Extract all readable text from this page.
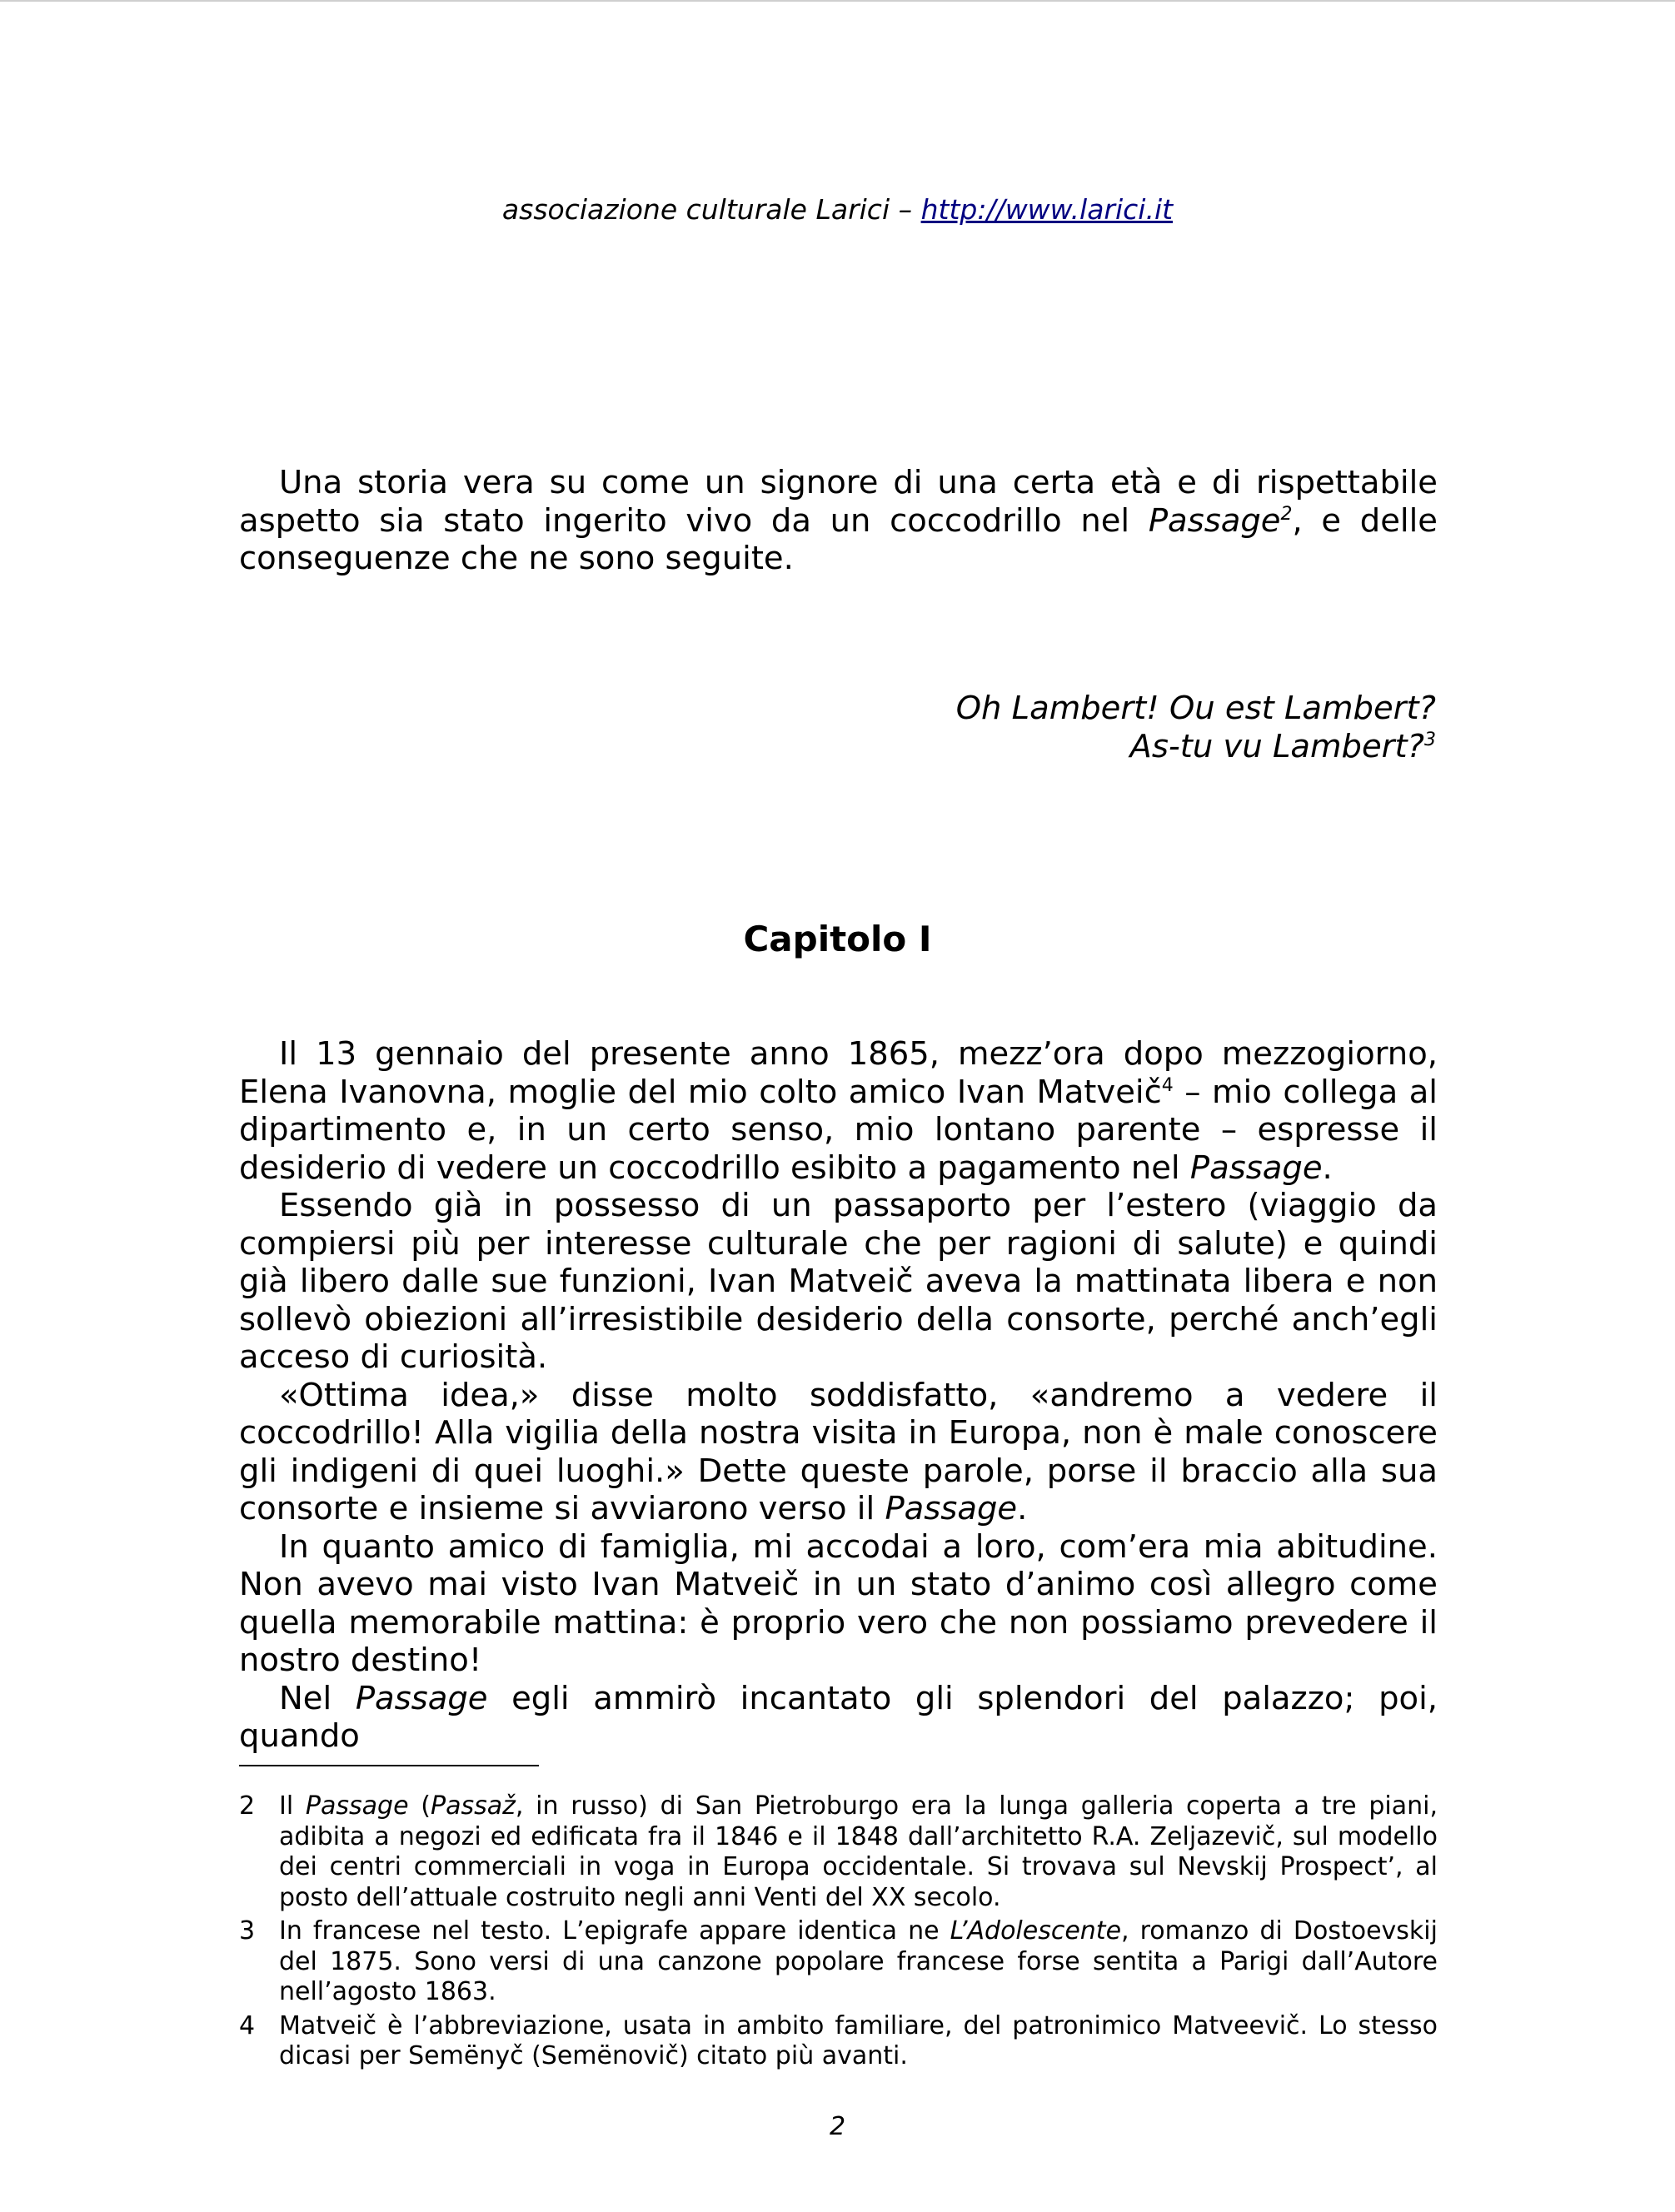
associazione culturale Larici – http://www.larici.it

Una storia vera su come un signore di una certa età e di rispettabile aspetto sia stato ingerito vivo da un coccodrillo nel Passage$^2$, e delle conseguenze che ne sono seguite.

Oh Lambert! Ou est Lambert?
As-tu vu Lambert?$^3$
Capitolo I

Il 13 gennaio del presente anno 1865, mezz’ora dopo mezzogiorno, Elena Ivanovna, moglie del mio colto amico Ivan Matveič$^4$ – mio collega al dipartimento e, in un certo senso, mio lontano parente – espresse il desiderio di vedere un coccodrillo esibito a pagamento nel Passage.

Essendo già in possesso di un passaporto per l’estero (viaggio da compiersi più per interesse culturale che per ragioni di salute) e quindi già libero dalle sue funzioni, Ivan Matveič aveva la mattinata libera e non sollevò obiezioni all’irresistibile desiderio della consorte, perché anch’egli acceso di curiosità.

«Ottima idea,» disse molto soddisfatto, «andremo a vedere il coccodrillo! Alla vigilia della nostra visita in Europa, non è male conoscere gli indigeni di quei luoghi.» Dette queste parole, porse il braccio alla sua consorte e insieme si avviarono verso il Passage.

In quanto amico di famiglia, mi accodai a loro, com’era mia abitudine. Non avevo mai visto Ivan Matveič in un stato d’animo così allegro come quella memorabile mattina: è proprio vero che non possiamo prevedere il nostro destino!

Nel Passage egli ammirò incantato gli splendori del palazzo; poi, quando

2 Il Passage (Passaž, in russo) di San Pietroburgo era la lunga galleria coperta a tre piani, adibita a negozi ed edificata fra il 1846 e il 1848 dall’architetto R.A. Zeljazevič, sul modello dei centri commerciali in voga in Europa occidentale. Si trovava sul Nevskij Prospect’, al posto dell’attuale costruito negli anni Venti del XX secolo.
3 In francese nel testo. L’epigrafe appare identica ne L’Adolescente, romanzo di Dostoevskij del 1875. Sono versi di una canzone popolare francese forse sentita a Parigi dall’Autore nell’agosto 1863.
4 Matveič è l’abbreviazione, usata in ambito familiare, del patronimico Matveevič. Lo stesso dicasi per Semënyč (Semënovič) citato più avanti.
2
